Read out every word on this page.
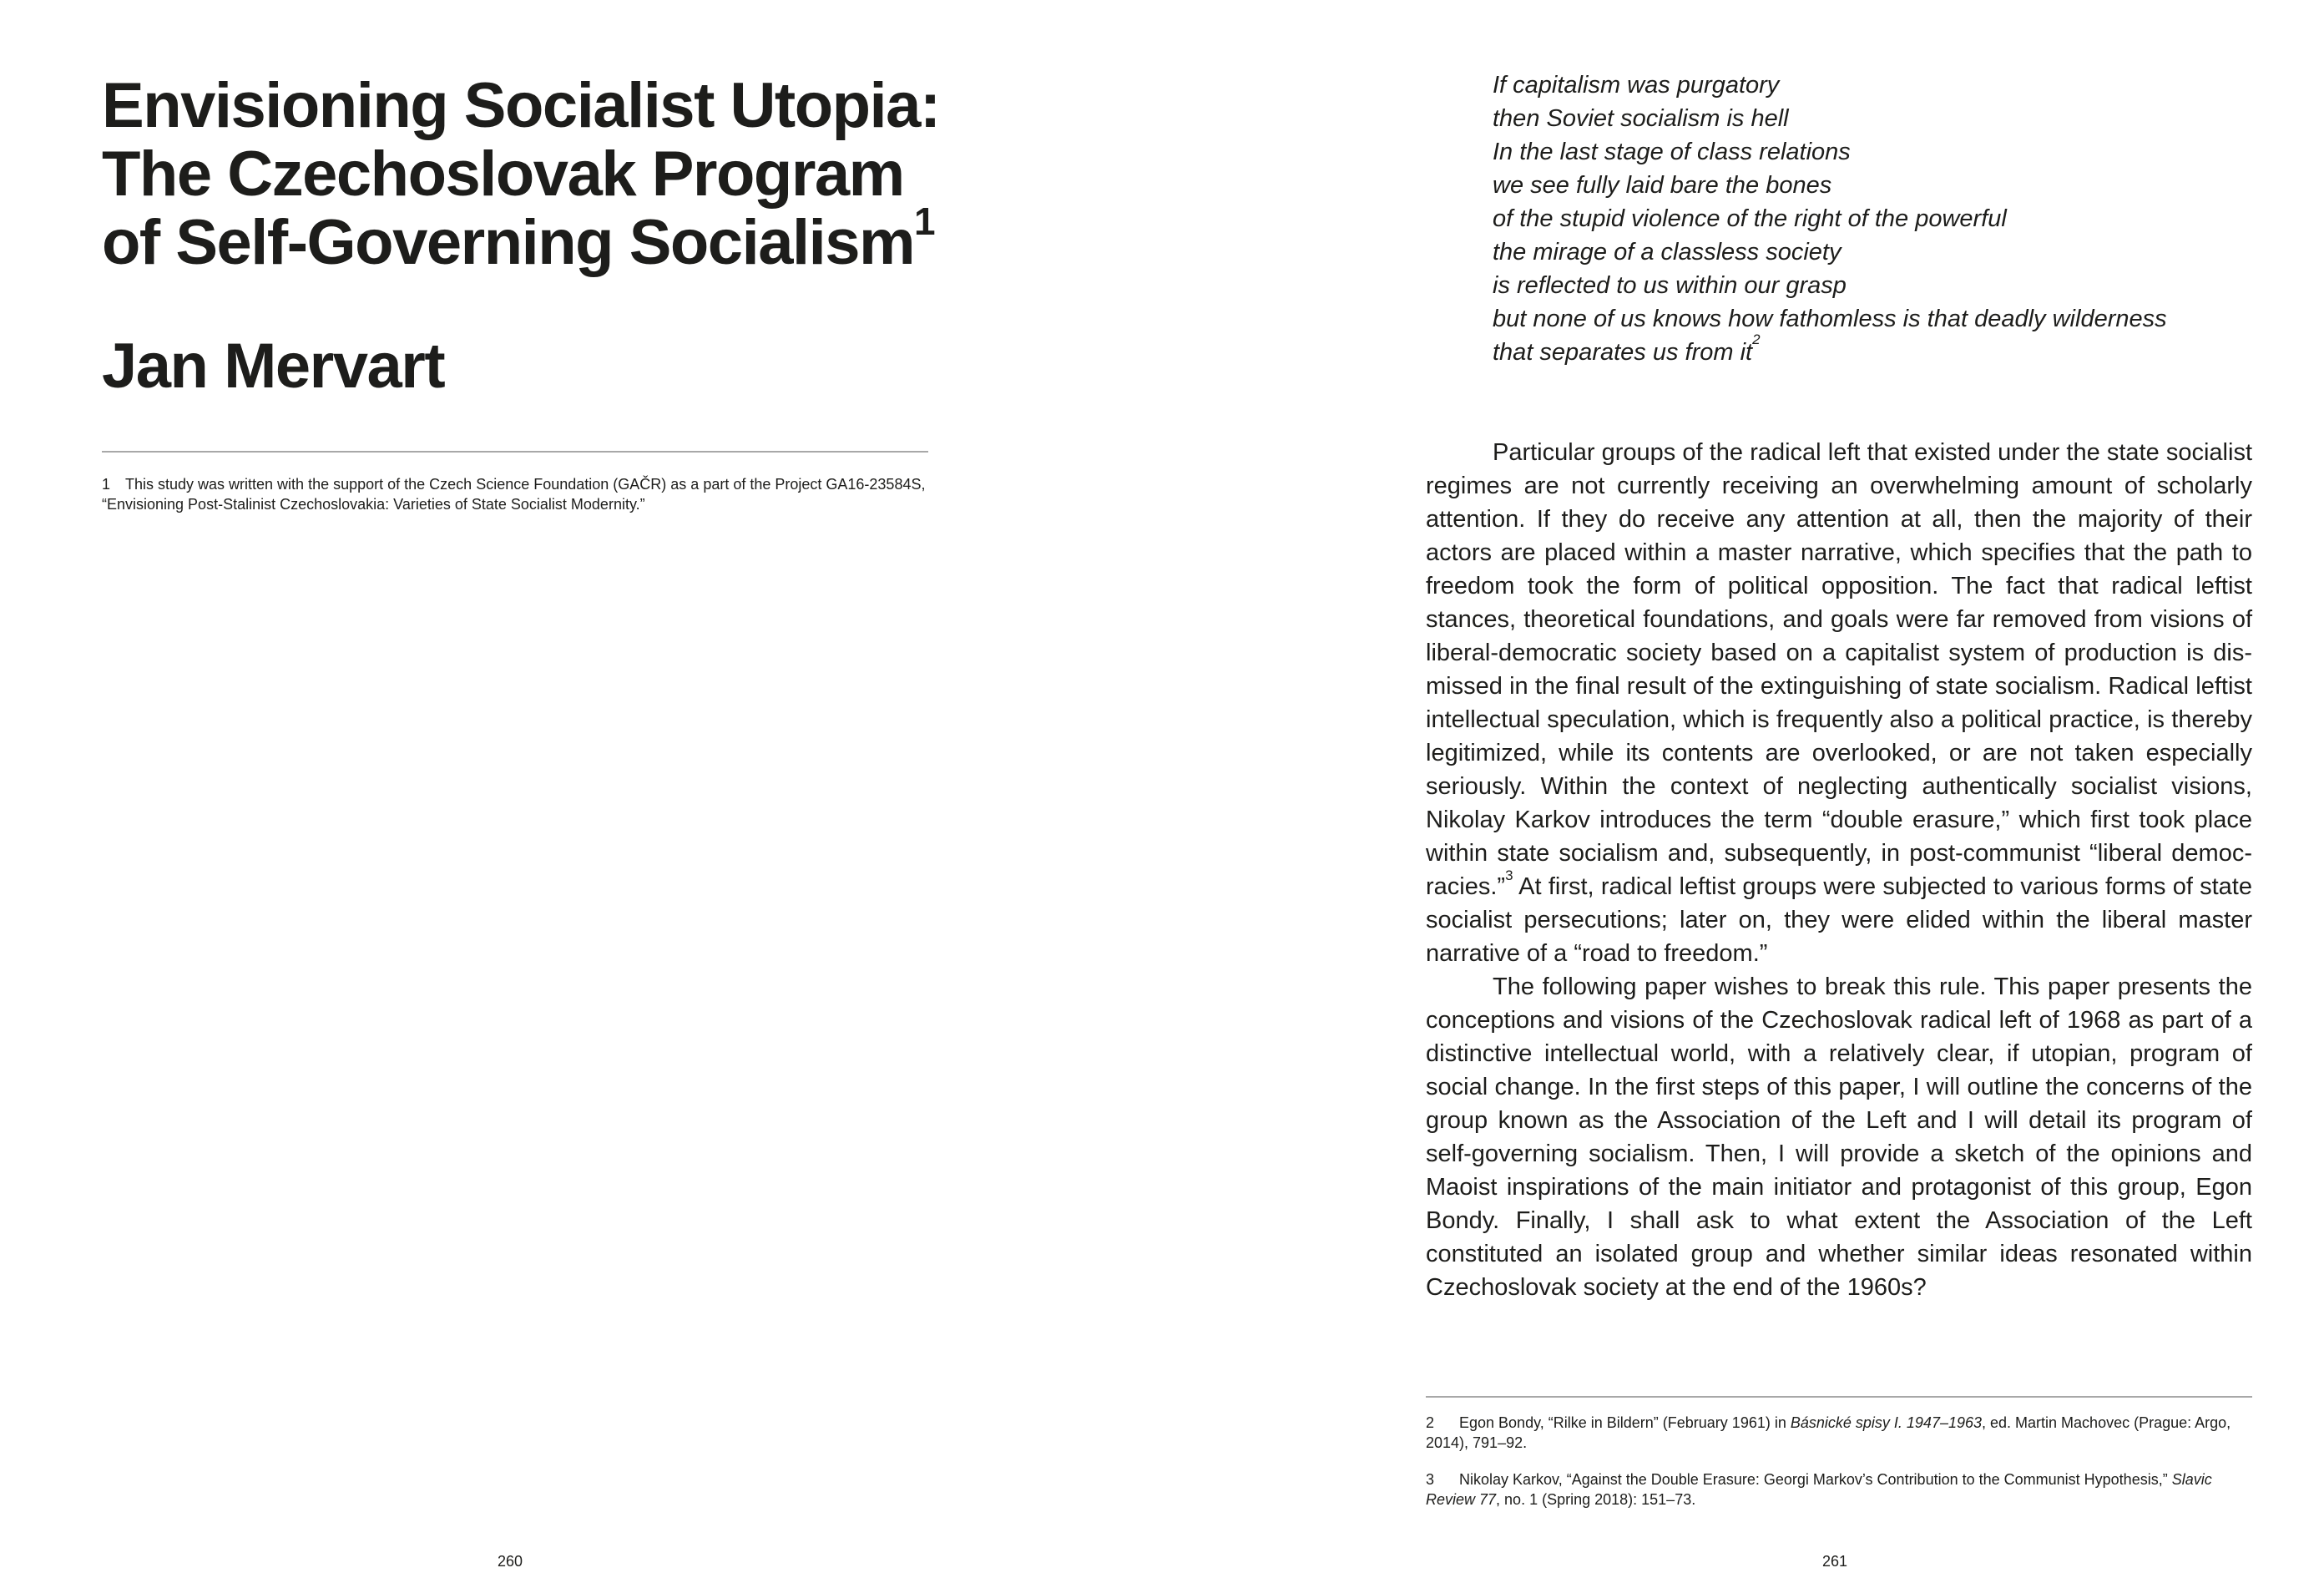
Envisioning Socialist Utopia:
The Czechoslovak Program
of Self-Governing Socialism$^1$
Jan Mervart

1 This study was written with the support of the Czech Science Foundation (GAČR) as a part of the Project GA16-23584S, “Envisioning Post-Stalinist Czechoslovakia: Varieties of State Socialist Modernity.”

260
If capitalism was purgatory
then Soviet socialism is hell
In the last stage of class relations
we see fully laid bare the bones
of the stupid violence of the right of the powerful
the mirage of a classless society
is reflected to us within our grasp
but none of us knows how fathomless is that deadly wilderness
that separates us from $it^2$

Particular groups of the radical left that existed under the state socialist regimes are not currently receiving an overwhelming amount of scholarly attention. If they do receive any attention at all, then the majority of their actors are placed within a master narrative, which specifies that the path to freedom took the form of political opposition. The fact that radical leftist stances, theoretical foundations, and goals were far removed from visions of liberal-democratic society based on a capitalist system of production is dismissed in the final result of the extinguishing of state socialism. Radical leftist intellectual speculation, which is frequently also a political practice, is thereby legitimized, while its contents are overlooked, or are not taken especially seriously. Within the context of neglecting authentically socialist visions, Nikolay Karkov introduces the term “double erasure,” which first took place within state socialism and, subsequently, in post-communist “liberal democracies.”$^3$ At first, radical leftist groups were subjected to various forms of state socialist persecutions; later on, they were elided within the liberal master narrative of a “road to freedom.”

The following paper wishes to break this rule. This paper presents the conceptions and visions of the Czechoslovak radical left of 1968 as part of a distinctive intellectual world, with a relatively clear, if utopian, program of social change. In the first steps of this paper, I will outline the concerns of the group known as the Association of the Left and I will detail its program of self-governing socialism. Then, I will provide a sketch of the opinions and Maoist inspirations of the main initiator and protagonist of this group, Egon Bondy. Finally, I shall ask to what extent the Association of the Left constituted an isolated group and whether similar ideas resonated within Czechoslovak society at the end of the 1960s?

2 Egon Bondy, “Rilke in Bildern” (February 1961) in Básnické spisy I. 1947–1963, ed. Martin Machovec (Prague: Argo, 2014), 791–92.

3 Nikolay Karkov, “Against the Double Erasure: Georgi Markov’s Contribution to the Communist Hypothesis,” Slavic Review 77, no. 1 (Spring 2018): 151–73.

261
